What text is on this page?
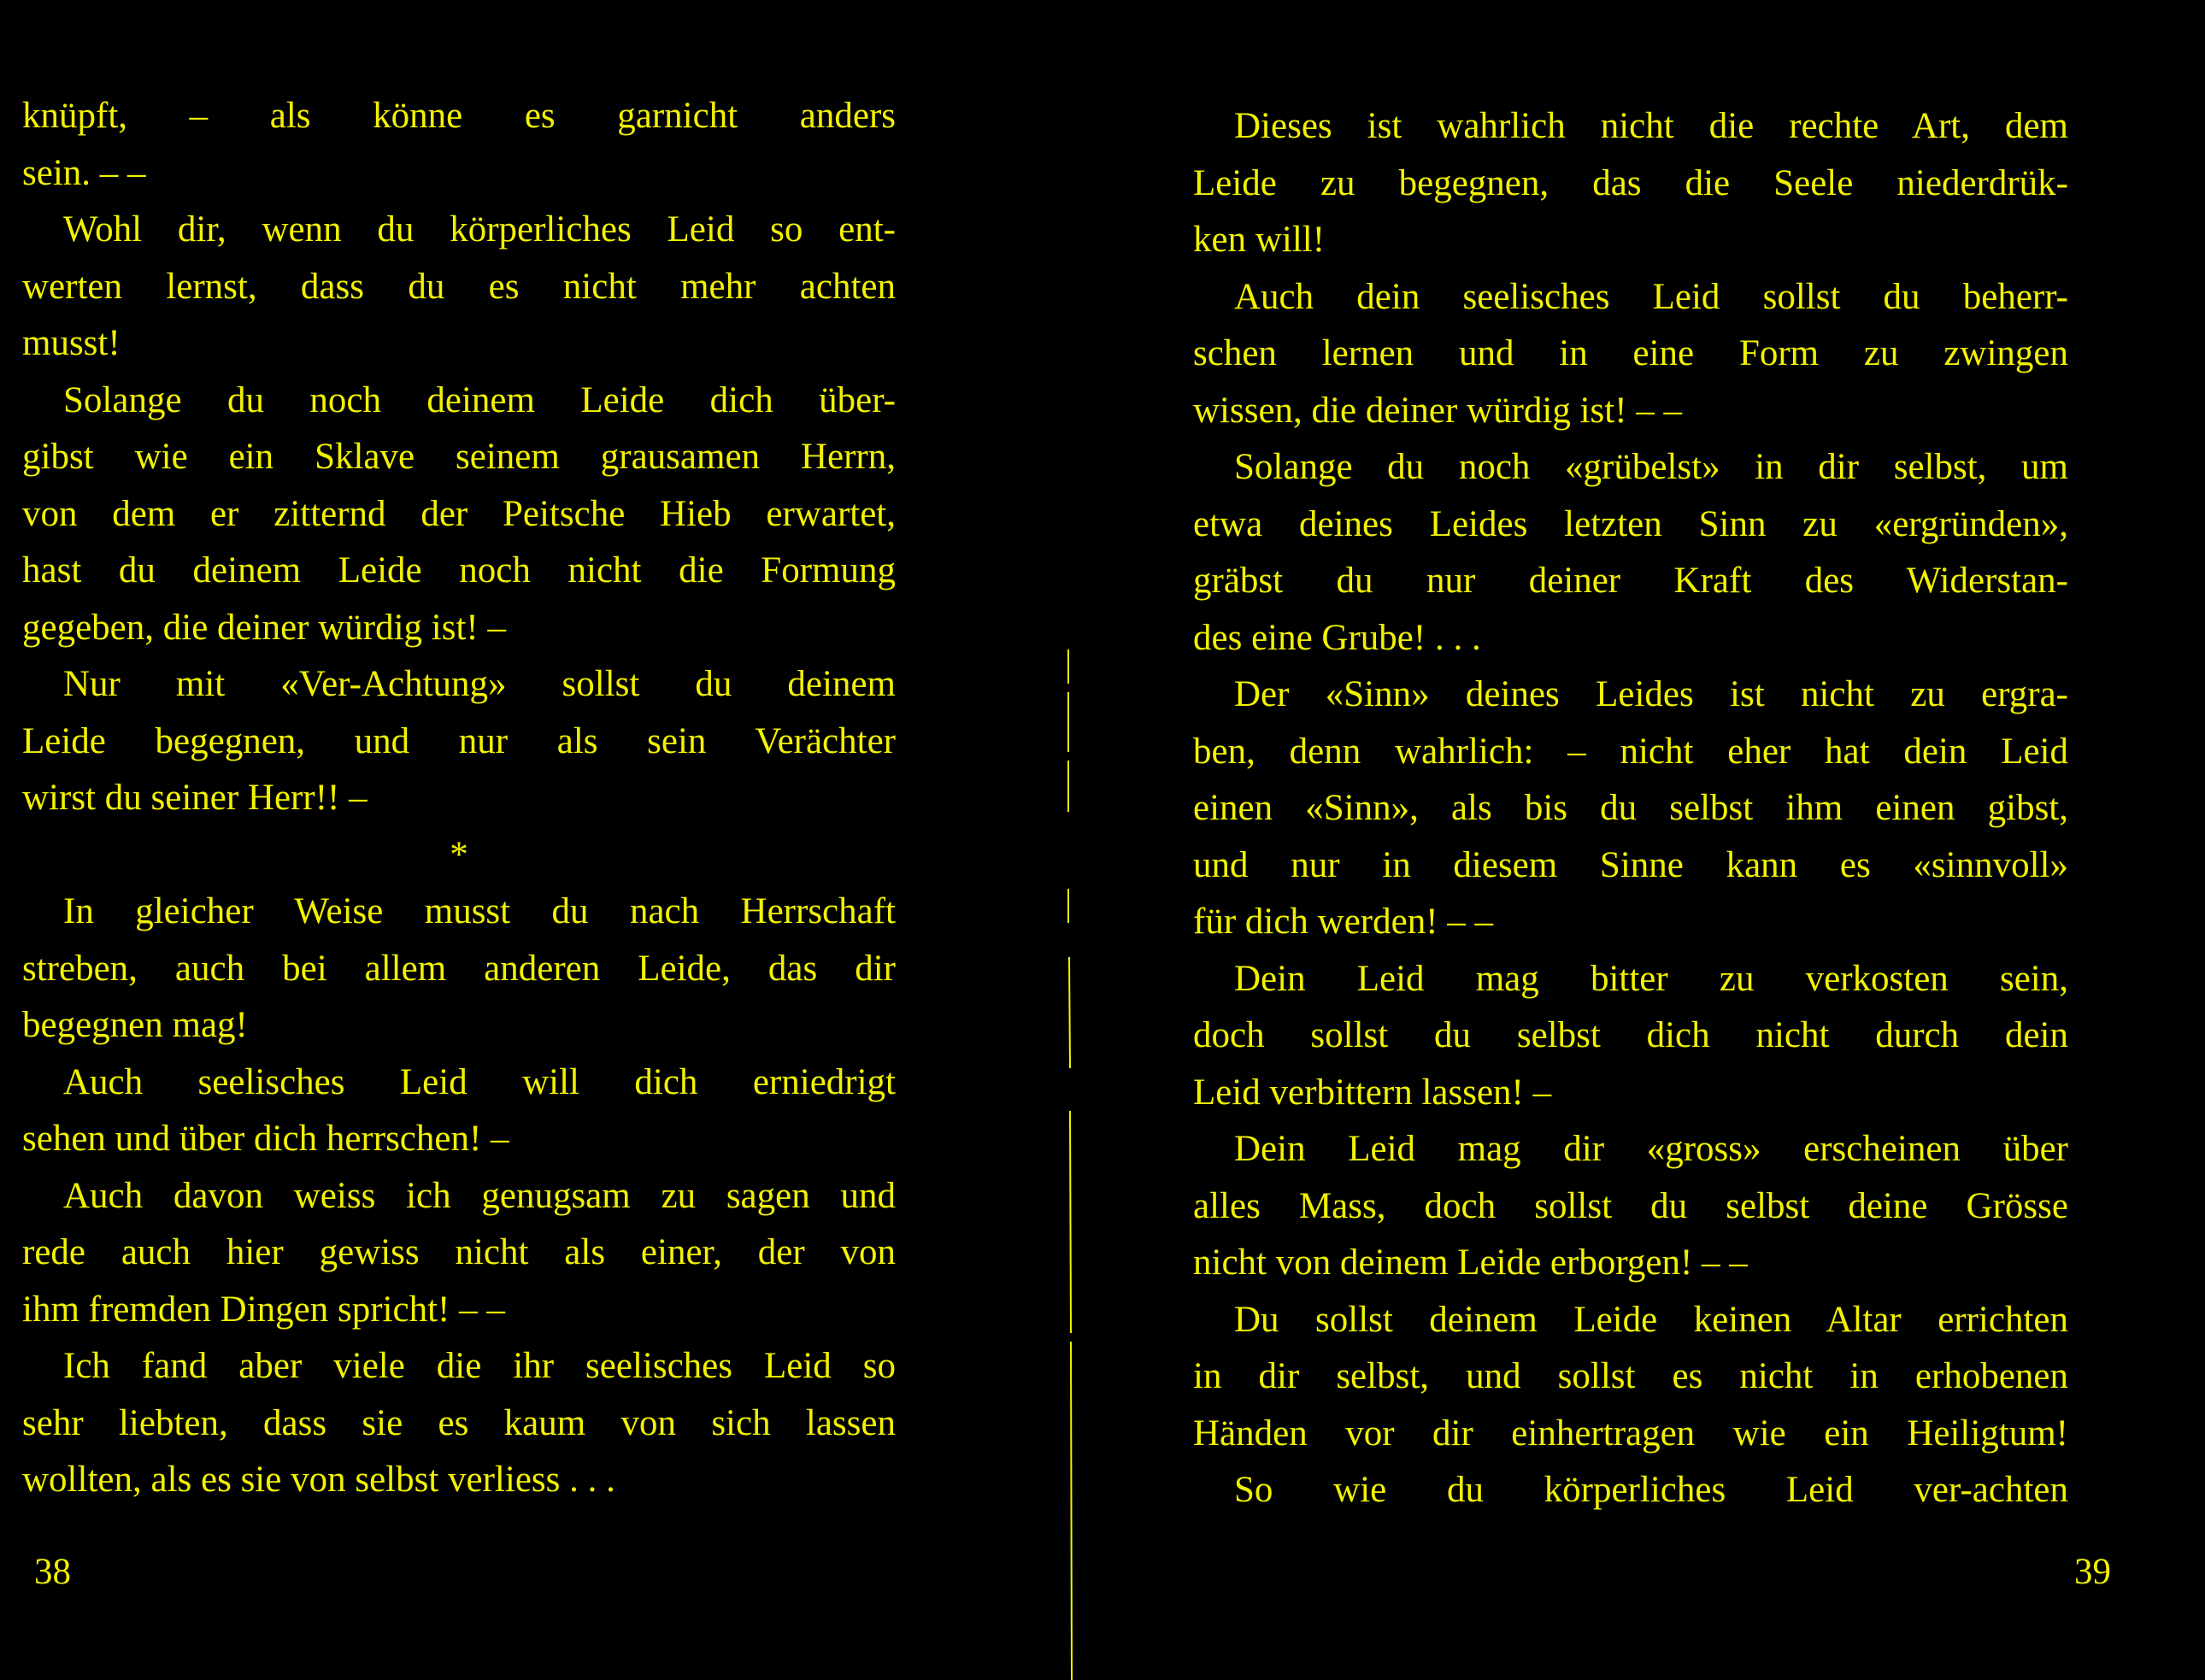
knüpft, – als könne es garnicht anders
sein. – –
Wohl dir, wenn du körperliches Leid so ent-
werten lernst, dass du es nicht mehr achten
musst!
Solange du noch deinem Leide dich über-
gibst wie ein Sklave seinem grausamen Herrn,
von dem er zitternd der Peitsche Hieb erwartet,
hast du deinem Leide noch nicht die Formung
gegeben, die deiner würdig ist! –
Nur mit «Ver-Achtung» sollst du deinem
Leide begegnen, und nur als sein Verächter
wirst du seiner Herr!! –
*
In gleicher Weise musst du nach Herrschaft
streben, auch bei allem anderen Leide, das dir
begegnen mag!
Auch seelisches Leid will dich erniedrigt
sehen und über dich herrschen! –
Auch davon weiss ich genugsam zu sagen und
rede auch hier gewiss nicht als einer, der von
ihm fremden Dingen spricht! – –
Ich fand aber viele die ihr seelisches Leid so
sehr liebten, dass sie es kaum von sich lassen
wollten, als es sie von selbst verliess . . .
38
Dieses ist wahrlich nicht die rechte Art, dem
Leide zu begegnen, das die Seele niederdrük-
ken will!
Auch dein seelisches Leid sollst du beherr-
schen lernen und in eine Form zu zwingen
wissen, die deiner würdig ist! – –
Solange du noch «grübelst» in dir selbst, um
etwa deines Leides letzten Sinn zu «ergründen»,
gräbst du nur deiner Kraft des Widerstan-
des eine Grube! . . .
Der «Sinn» deines Leides ist nicht zu ergra-
ben, denn wahrlich: – nicht eher hat dein Leid
einen «Sinn», als bis du selbst ihm einen gibst,
und nur in diesem Sinne kann es «sinnvoll»
für dich werden! – –
Dein Leid mag bitter zu verkosten sein,
doch sollst du selbst dich nicht durch dein
Leid verbittern lassen! –
Dein Leid mag dir «gross» erscheinen über
alles Mass, doch sollst du selbst deine Grösse
nicht von deinem Leide erborgen! – –
Du sollst deinem Leide keinen Altar errichten
in dir selbst, und sollst es nicht in erhobenen
Händen vor dir einhertragen wie ein Heiligtum!
So wie du körperliches Leid ver-achten
39
